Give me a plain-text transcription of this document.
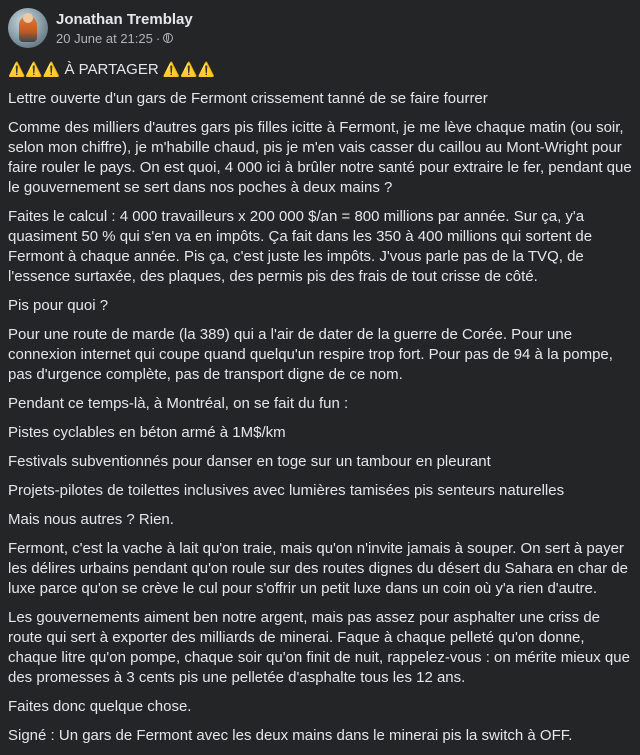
Jonathan Tremblay
20 June at 21:25 ·

⚠️⚠️⚠️ À PARTAGER ⚠️⚠️⚠️

Lettre ouverte d'un gars de Fermont crissement tanné de se faire fourrer

Comme des milliers d'autres gars pis filles icitte à Fermont, je me lève chaque matin (ou soir, selon mon chiffre), je m'habille chaud, pis je m'en vais casser du caillou au Mont-Wright pour faire rouler le pays. On est quoi, 4 000 ici à brûler notre santé pour extraire le fer, pendant que le gouvernement se sert dans nos poches à deux mains ?

Faites le calcul : 4 000 travailleurs x 200 000 $/an = 800 millions par année. Sur ça, y'a quasiment 50 % qui s'en va en impôts. Ça fait dans les 350 à 400 millions qui sortent de Fermont à chaque année. Pis ça, c'est juste les impôts. J'vous parle pas de la TVQ, de l'essence surtaxée, des plaques, des permis pis des frais de tout crisse de côté.

Pis pour quoi ?

Pour une route de marde (la 389) qui a l'air de dater de la guerre de Corée. Pour une connexion internet qui coupe quand quelqu'un respire trop fort. Pour pas de 94 à la pompe, pas d'urgence complète, pas de transport digne de ce nom.

Pendant ce temps-là, à Montréal, on se fait du fun :

Pistes cyclables en béton armé à 1M$/km

Festivals subventionnés pour danser en toge sur un tambour en pleurant

Projets-pilotes de toilettes inclusives avec lumières tamisées pis senteurs naturelles

Mais nous autres ? Rien.

Fermont, c'est la vache à lait qu'on traie, mais qu'on n'invite jamais à souper. On sert à payer les délires urbains pendant qu'on roule sur des routes dignes du désert du Sahara en char de luxe parce qu'on se crève le cul pour s'offrir un petit luxe dans un coin où y'a rien d'autre.

Les gouvernements aiment ben notre argent, mais pas assez pour asphalter une criss de route qui sert à exporter des milliards de minerai. Faque à chaque pelleté qu'on donne, chaque litre qu'on pompe, chaque soir qu'on finit de nuit, rappelez-vous : on mérite mieux que des promesses à 3 cents pis une pelletée d'asphalte tous les 12 ans.

Faites donc quelque chose.

Signé : Un gars de Fermont avec les deux mains dans le minerai pis la switch à OFF.
